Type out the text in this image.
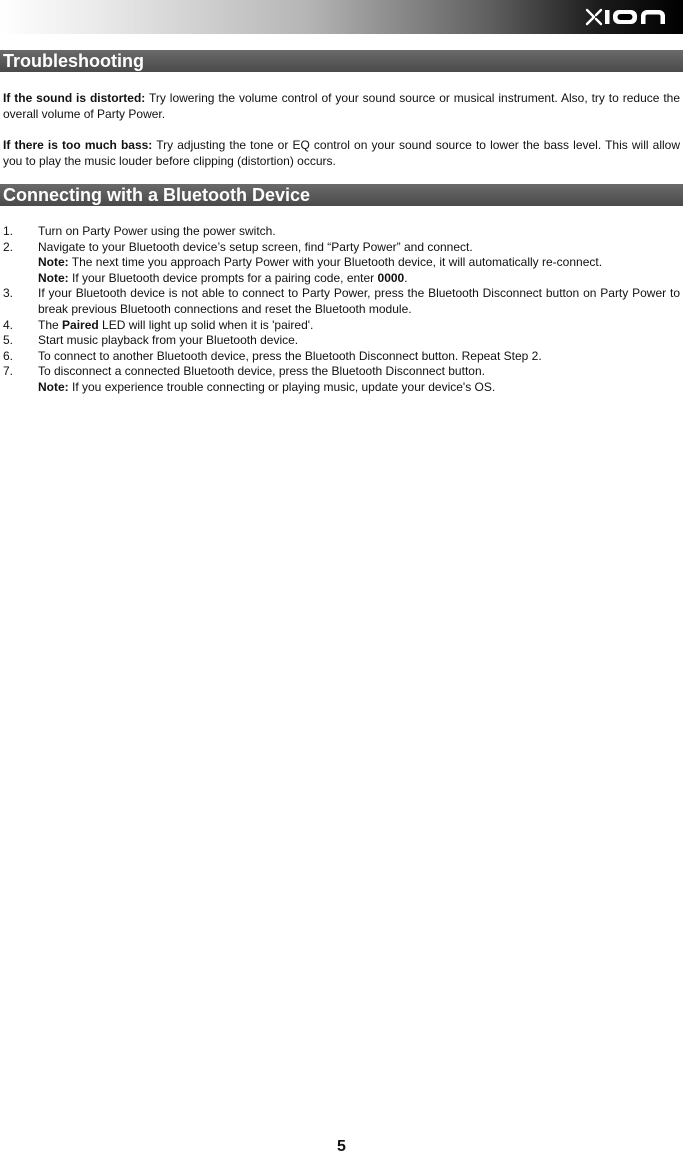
Troubleshooting
If the sound is distorted: Try lowering the volume control of your sound source or musical instrument. Also, try to reduce the overall volume of Party Power.
If there is too much bass: Try adjusting the tone or EQ control on your sound source to lower the bass level. This will allow you to play the music louder before clipping (distortion) occurs.
Connecting with a Bluetooth Device
1.	Turn on Party Power using the power switch.
2.	Navigate to your Bluetooth device’s setup screen, find “Party Power” and connect.
Note: The next time you approach Party Power with your Bluetooth device, it will automatically re-connect.
Note: If your Bluetooth device prompts for a pairing code, enter 0000.
3.	If your Bluetooth device is not able to connect to Party Power, press the Bluetooth Disconnect button on Party Power to break previous Bluetooth connections and reset the Bluetooth module.
4.	The Paired LED will light up solid when it is 'paired'.
5.	Start music playback from your Bluetooth device.
6.	To connect to another Bluetooth device, press the Bluetooth Disconnect button. Repeat Step 2.
7.	To disconnect a connected Bluetooth device, press the Bluetooth Disconnect button.
Note: If you experience trouble connecting or playing music, update your device's OS.
5
